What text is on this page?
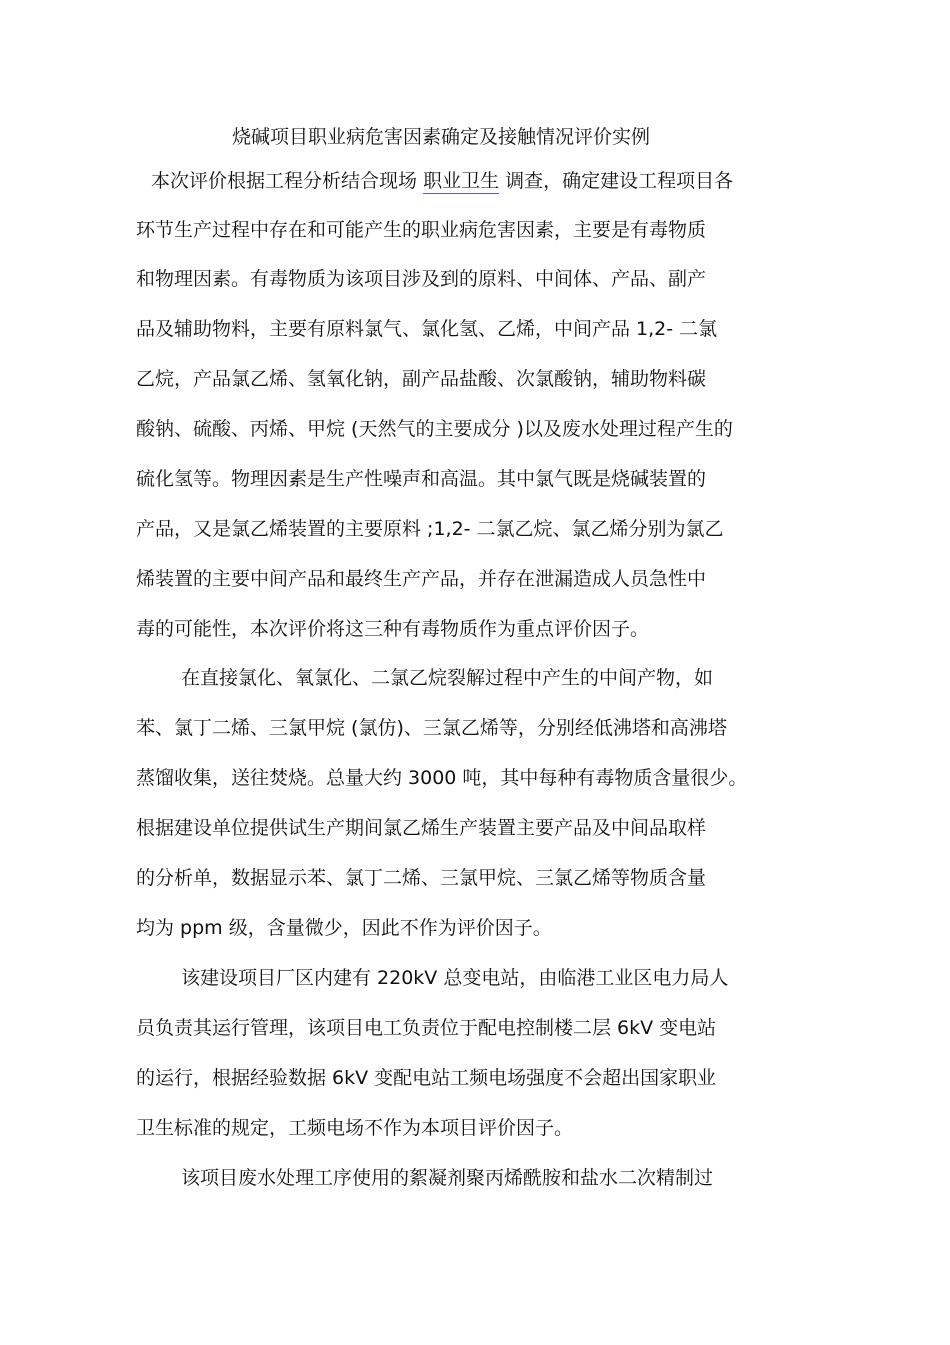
烧碱项目职业病危害因素确定及接触情况评价实例
本次评价根据工程分析结合现场 职业卫生 调查，确定建设工程项目各
环节生产过程中存在和可能产生的职业病危害因素，主要是有毒物质
和物理因素。有毒物质为该项目涉及到的原料、中间体、产品、副产
品及辅助物料，主要有原料氯气、氯化氢、乙烯，中间产品 1,2- 二氯
乙烷，产品氯乙烯、氢氧化钠，副产品盐酸、次氯酸钠，辅助物料碳
酸钠、硫酸、丙烯、甲烷 (天然气的主要成分 )以及废水处理过程产生的
硫化氢等。物理因素是生产性噪声和高温。其中氯气既是烧碱装置的
产品，又是氯乙烯装置的主要原料 ;1,2- 二氯乙烷、氯乙烯分别为氯乙
烯装置的主要中间产品和最终生产产品，并存在泄漏造成人员急性中
毒的可能性，本次评价将这三种有毒物质作为重点评价因子。
在直接氯化、氧氯化、二氯乙烷裂解过程中产生的中间产物，如
苯、氯丁二烯、三氯甲烷 (氯仿)、三氯乙烯等，分别经低沸塔和高沸塔
蒸馏收集，送往焚烧。总量大约 3000 吨，其中每种有毒物质含量很少。
根据建设单位提供试生产期间氯乙烯生产装置主要产品及中间品取样
的分析单，数据显示苯、氯丁二烯、三氯甲烷、三氯乙烯等物质含量
均为 ppm 级，含量微少，因此不作为评价因子。
该建设项目厂区内建有 220kV 总变电站，由临港工业区电力局人
员负责其运行管理，该项目电工负责位于配电控制楼二层 6kV 变电站
的运行，根据经验数据 6kV 变配电站工频电场强度不会超出国家职业
卫生标准的规定，工频电场不作为本项目评价因子。
该项目废水处理工序使用的絮凝剂聚丙烯酰胺和盐水二次精制过
